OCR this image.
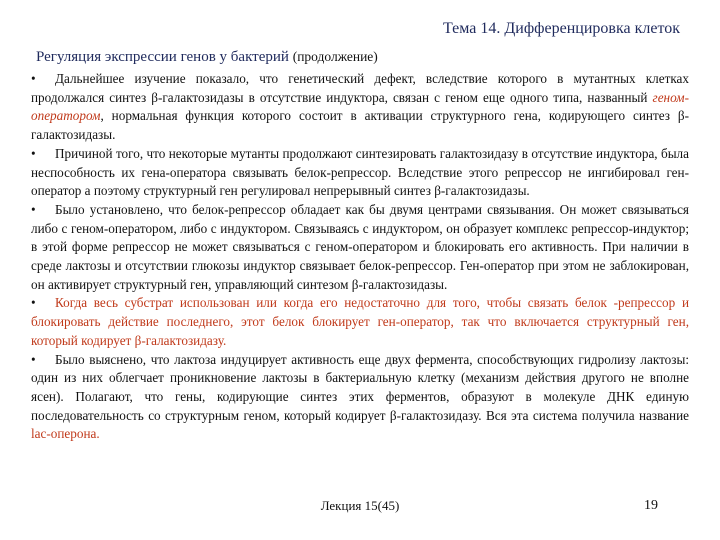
Тема 14. Дифференцировка клеток
Регуляция экспрессии генов у бактерий (продолжение)

• Дальнейшее изучение показало, что генетический дефект, вследствие которого в мутантных клетках продолжался синтез β-галактозидазы в отсутствие индуктора, связан с геном еще одного типа, названный геном-оператором, нормальная функция которого состоит в активации структурного гена, кодирующего синтез β-галактозидазы.

• Причиной того, что некоторые мутанты продолжают синтезировать галактозидазу в отсутствие индуктора, была неспособность их гена-оператора связывать белок-репрессор. Вследствие этого репрессор не ингибировал ген-оператор а поэтому структурный ген регулировал непрерывный синтез β-галактозидазы.

• Было установлено, что белок-репрессор обладает как бы двумя центрами связывания. Он может связываться либо с геном-оператором, либо с индуктором. Связываясь с индуктором, он образует комплекс репрессор-индуктор; в этой форме репрессор не может связываться с геном-оператором и блокировать его активность. При наличии в среде лактозы и отсутствии глюкозы индуктор связывает белок-репрессор. Ген-оператор при этом не заблокирован, он активирует структурный ген, управляющий синтезом β-галактозидазы.

• Когда весь субстрат использован или когда его недостаточно для того, чтобы связать белок -репрессор и блокировать действие последнего, этот белок блокирует ген-оператор, так что включается структурный ген, который кодирует β-галактозидазу.

• Было выяснено, что лактоза индуцирует активность еще двух фермента, способствующих гидролизу лактозы: один из них облегчает проникновение лактозы в бактериальную клетку (механизм действия другого не вполне ясен). Полагают, что гены, кодирующие синтез этих ферментов, образуют в молекуле ДНК единую последовательность со структурным геном, который кодирует β-галактозидазу. Вся эта система получила название lac-оперона.

Лекция 15(45)	19
